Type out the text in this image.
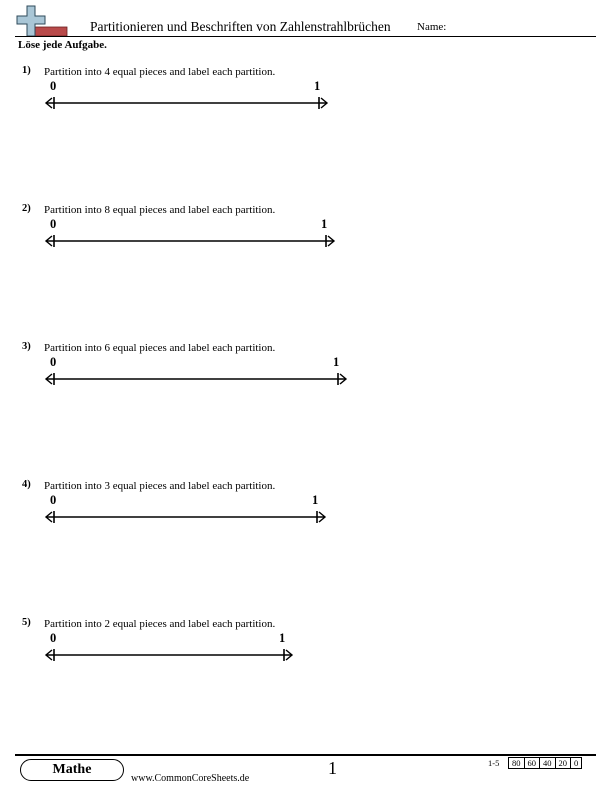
Partitionieren und Beschriften von Zahlenstrahlbrüchen Name:
Löse jede Aufgabe.
1) Partition into 4 equal pieces and label each partition.
0	1
2) Partition into 8 equal pieces and label each partition.
0	1
3) Partition into 6 equal pieces and label each partition.
0	1
4) Partition into 3 equal pieces and label each partition.
0	1
5) Partition into 2 equal pieces and label each partition.
0	1
Mathe
www.CommonCoreSheets.de
1	1-5 80	60	40	20	0
